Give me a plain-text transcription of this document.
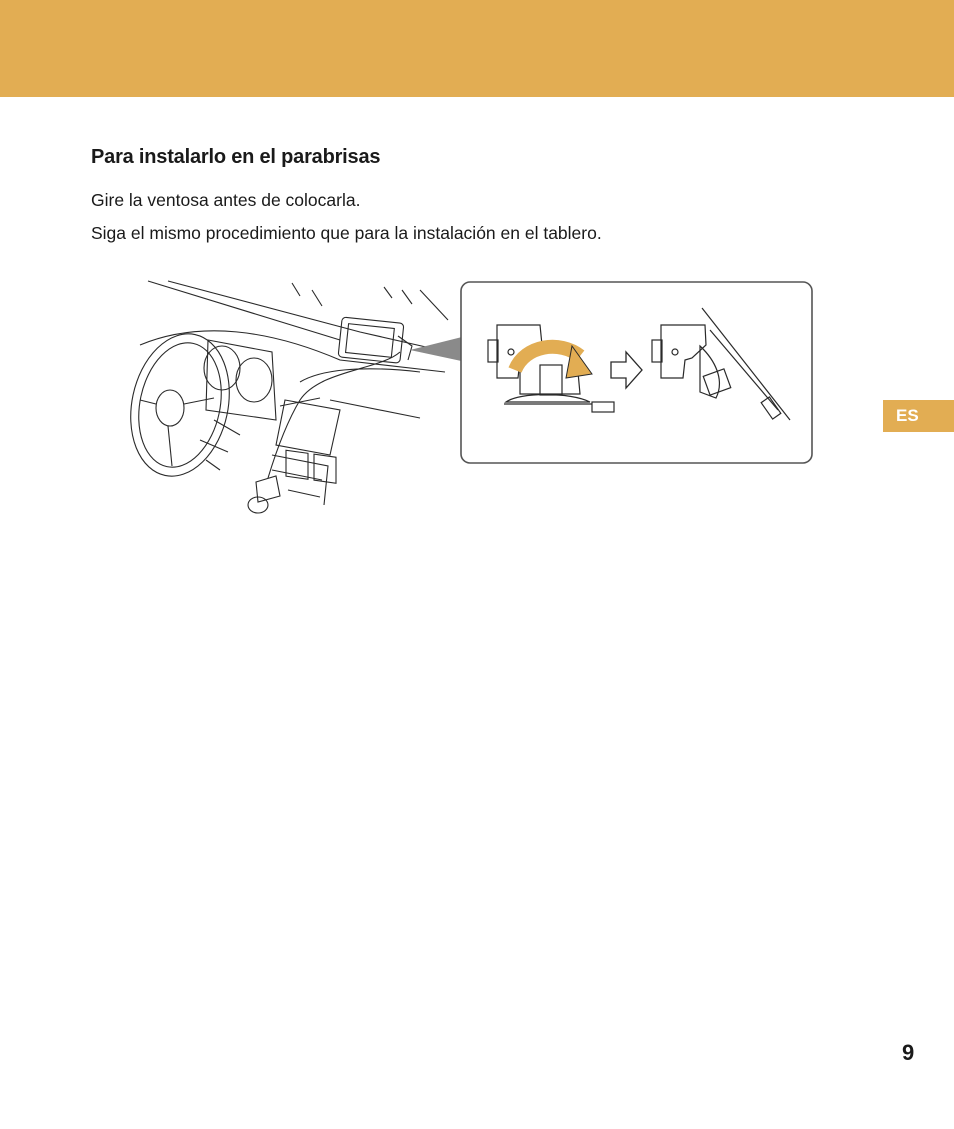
Para instalarlo en el parabrisas

Gire la ventosa antes de colocarla.

Siga el mismo procedimiento que para la instalación en el tablero.

ES
9
